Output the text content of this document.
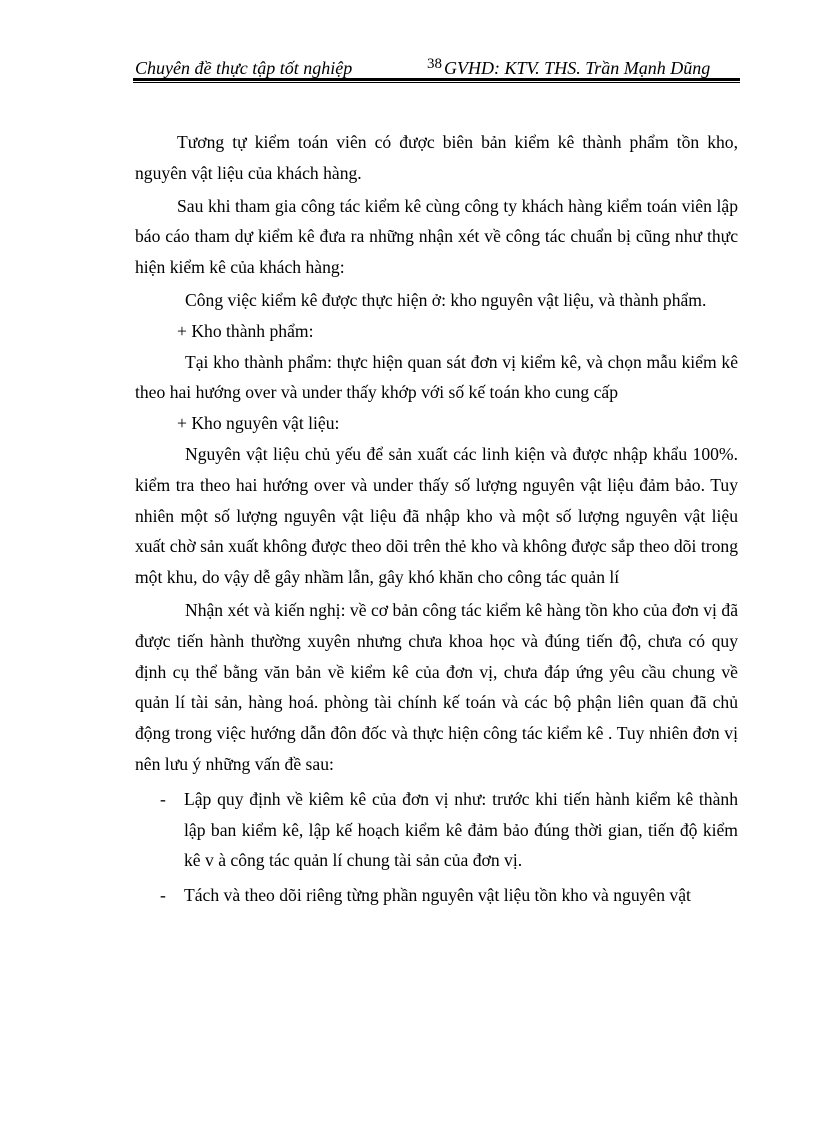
Chuyên đề thực tập tốt nghiệp	38 GVHD: KTV. THS. Trần Mạnh Dũng

Tương tự kiểm toán viên có được biên bản kiểm kê thành phẩm tồn kho, nguyên vật liệu của khách hàng.

Sau khi tham gia công tác kiểm kê cùng công ty khách hàng kiểm toán viên lập báo cáo tham dự kiểm kê đưa ra những nhận xét về công tác chuẩn bị cũng như thực hiện kiểm kê của khách hàng:

Công việc kiểm kê được thực hiện ở: kho nguyên vật liệu, và thành phẩm.

+ Kho thành phẩm:

Tại kho thành phẩm: thực hiện quan sát đơn vị kiểm kê, và chọn mẫu kiểm kê theo hai hướng over và under thấy khớp với số kế toán kho cung cấp

+ Kho nguyên vật liệu:

Nguyên vật liệu chủ yếu để sản xuất các linh kiện và được nhập khẩu 100%. kiểm tra theo hai hướng over và under thấy số lượng nguyên vật liệu đảm bảo. Tuy nhiên một số lượng nguyên vật liệu đã nhập kho và một số lượng nguyên vật liệu xuất chờ sản xuất không được theo dõi trên thẻ kho và không được sắp theo dõi trong một khu, do vậy dễ gây nhầm lẫn, gây khó khăn cho công tác quản lí

Nhận xét và kiến nghị: về cơ bản công tác kiểm kê hàng tồn kho của đơn vị đã được tiến hành thường xuyên nhưng chưa khoa học và đúng tiến độ, chưa có quy định cụ thể bằng văn bản về kiểm kê của đơn vị, chưa đáp ứng yêu cầu chung về quản lí tài sản, hàng hoá. phòng tài chính kế toán và các bộ phận liên quan đã chủ động trong việc hướng dẫn đôn đốc và thực hiện công tác kiểm kê . Tuy nhiên đơn vị nên lưu ý những vấn đề sau:

- Lập quy định về kiêm kê của đơn vị như: trước khi tiến hành kiểm kê thành lập ban kiểm kê, lập kế hoạch kiểm kê đảm bảo đúng thời gian, tiến độ kiểm kê v à công tác quản lí chung tài sản của đơn vị.
- Tách và theo dõi riêng từng phần nguyên vật liệu tồn kho và nguyên vật
